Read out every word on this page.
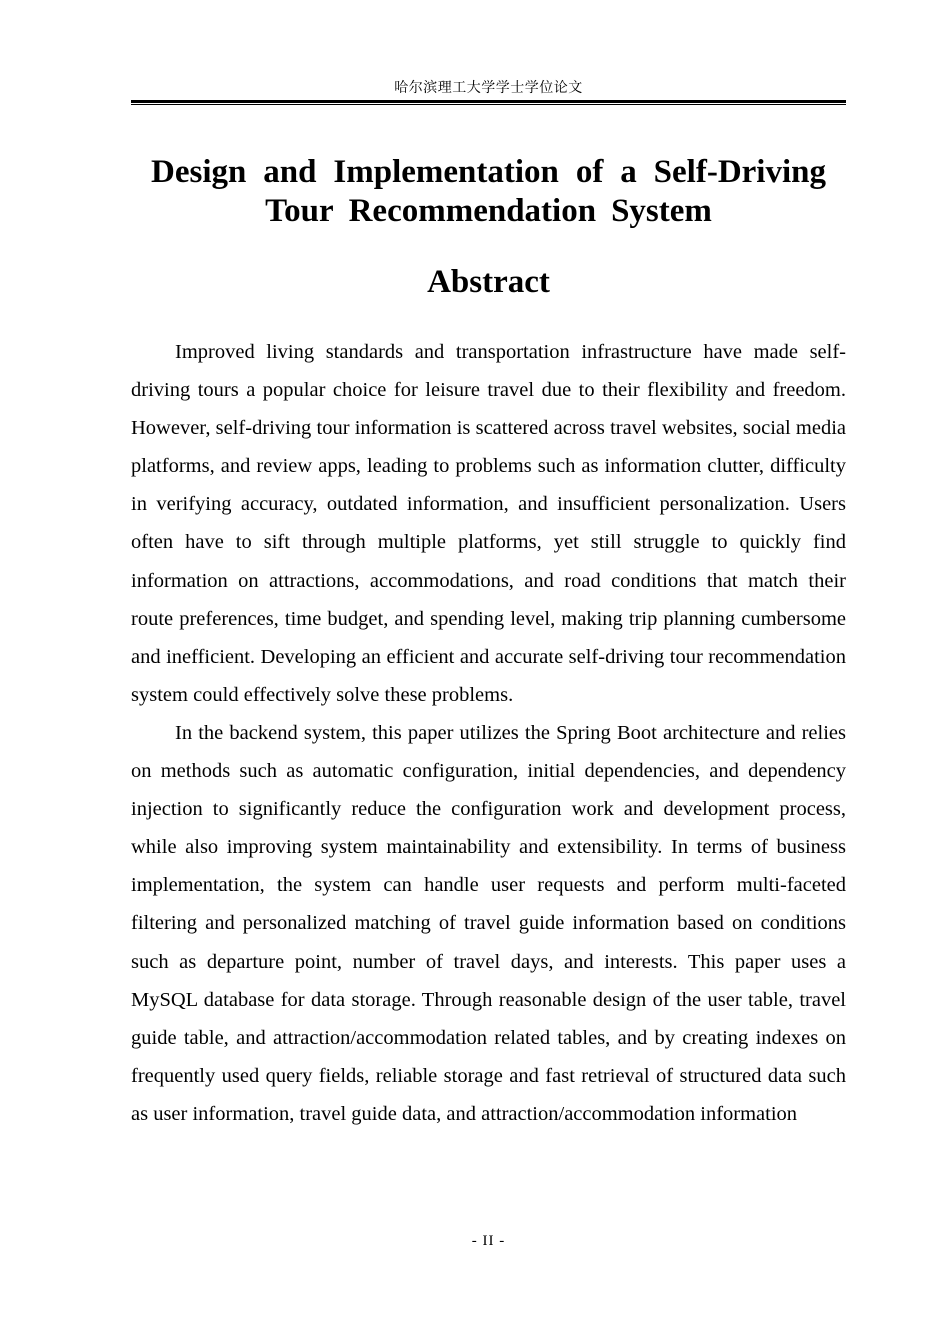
哈尔滨理工大学学士学位论文
Design and Implementation of a Self-Driving
Tour Recommendation System
Abstract

Improved living standards and transportation infrastructure have made self-driving tours a popular choice for leisure travel due to their flexibility and freedom. However, self-driving tour information is scattered across travel websites, social media platforms, and review apps, leading to problems such as information clutter, difficulty in verifying accuracy, outdated information, and insufficient personalization. Users often have to sift through multiple platforms, yet still struggle to quickly find information on attractions, accommodations, and road conditions that match their route preferences, time budget, and spending level, making trip planning cumbersome and inefficient. Developing an efficient and accurate self-driving tour recommendation system could effectively solve these problems.

In the backend system, this paper utilizes the Spring Boot architecture and relies on methods such as automatic configuration, initial dependencies, and dependency injection to significantly reduce the configuration work and development process, while also improving system maintainability and extensibility. In terms of business implementation, the system can handle user requests and perform multi-faceted filtering and personalized matching of travel guide information based on conditions such as departure point, number of travel days, and interests. This paper uses a MySQL database for data storage. Through reasonable design of the user table, travel guide table, and attraction/accommodation related tables, and by creating indexes on frequently used query fields, reliable storage and fast retrieval of structured data such as user information, travel guide data, and attraction/accommodation information

- II -
